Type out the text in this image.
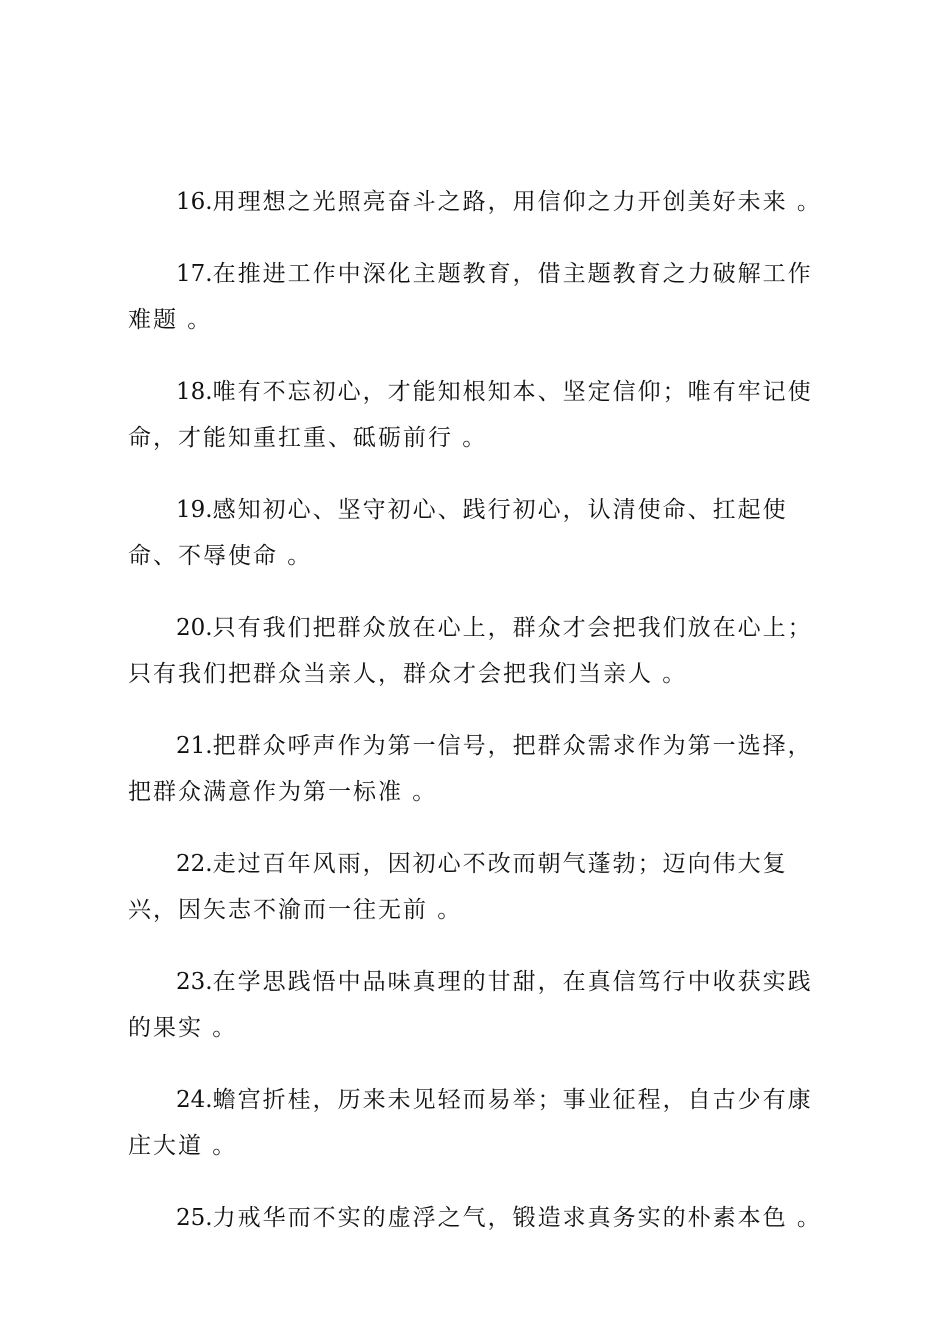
16.用理想之光照亮奋斗之路，用信仰之力开创美好未来 。

17.在推进工作中深化主题教育，借主题教育之力破解工作难题 。

18.唯有不忘初心，才能知根知本、坚定信仰；唯有牢记使命，才能知重扛重、砥砺前行 。

19.感知初心、坚守初心、践行初心，认清使命、扛起使命、不辱使命 。

20.只有我们把群众放在心上，群众才会把我们放在心上；只有我们把群众当亲人，群众才会把我们当亲人 。

21.把群众呼声作为第一信号，把群众需求作为第一选择，把群众满意作为第一标准 。

22.走过百年风雨，因初心不改而朝气蓬勃；迈向伟大复兴，因矢志不渝而一往无前 。

23.在学思践悟中品味真理的甘甜，在真信笃行中收获实践的果实 。

24.蟾宫折桂，历来未见轻而易举；事业征程，自古少有康庄大道 。

25.力戒华而不实的虚浮之气，锻造求真务实的朴素本色 。
